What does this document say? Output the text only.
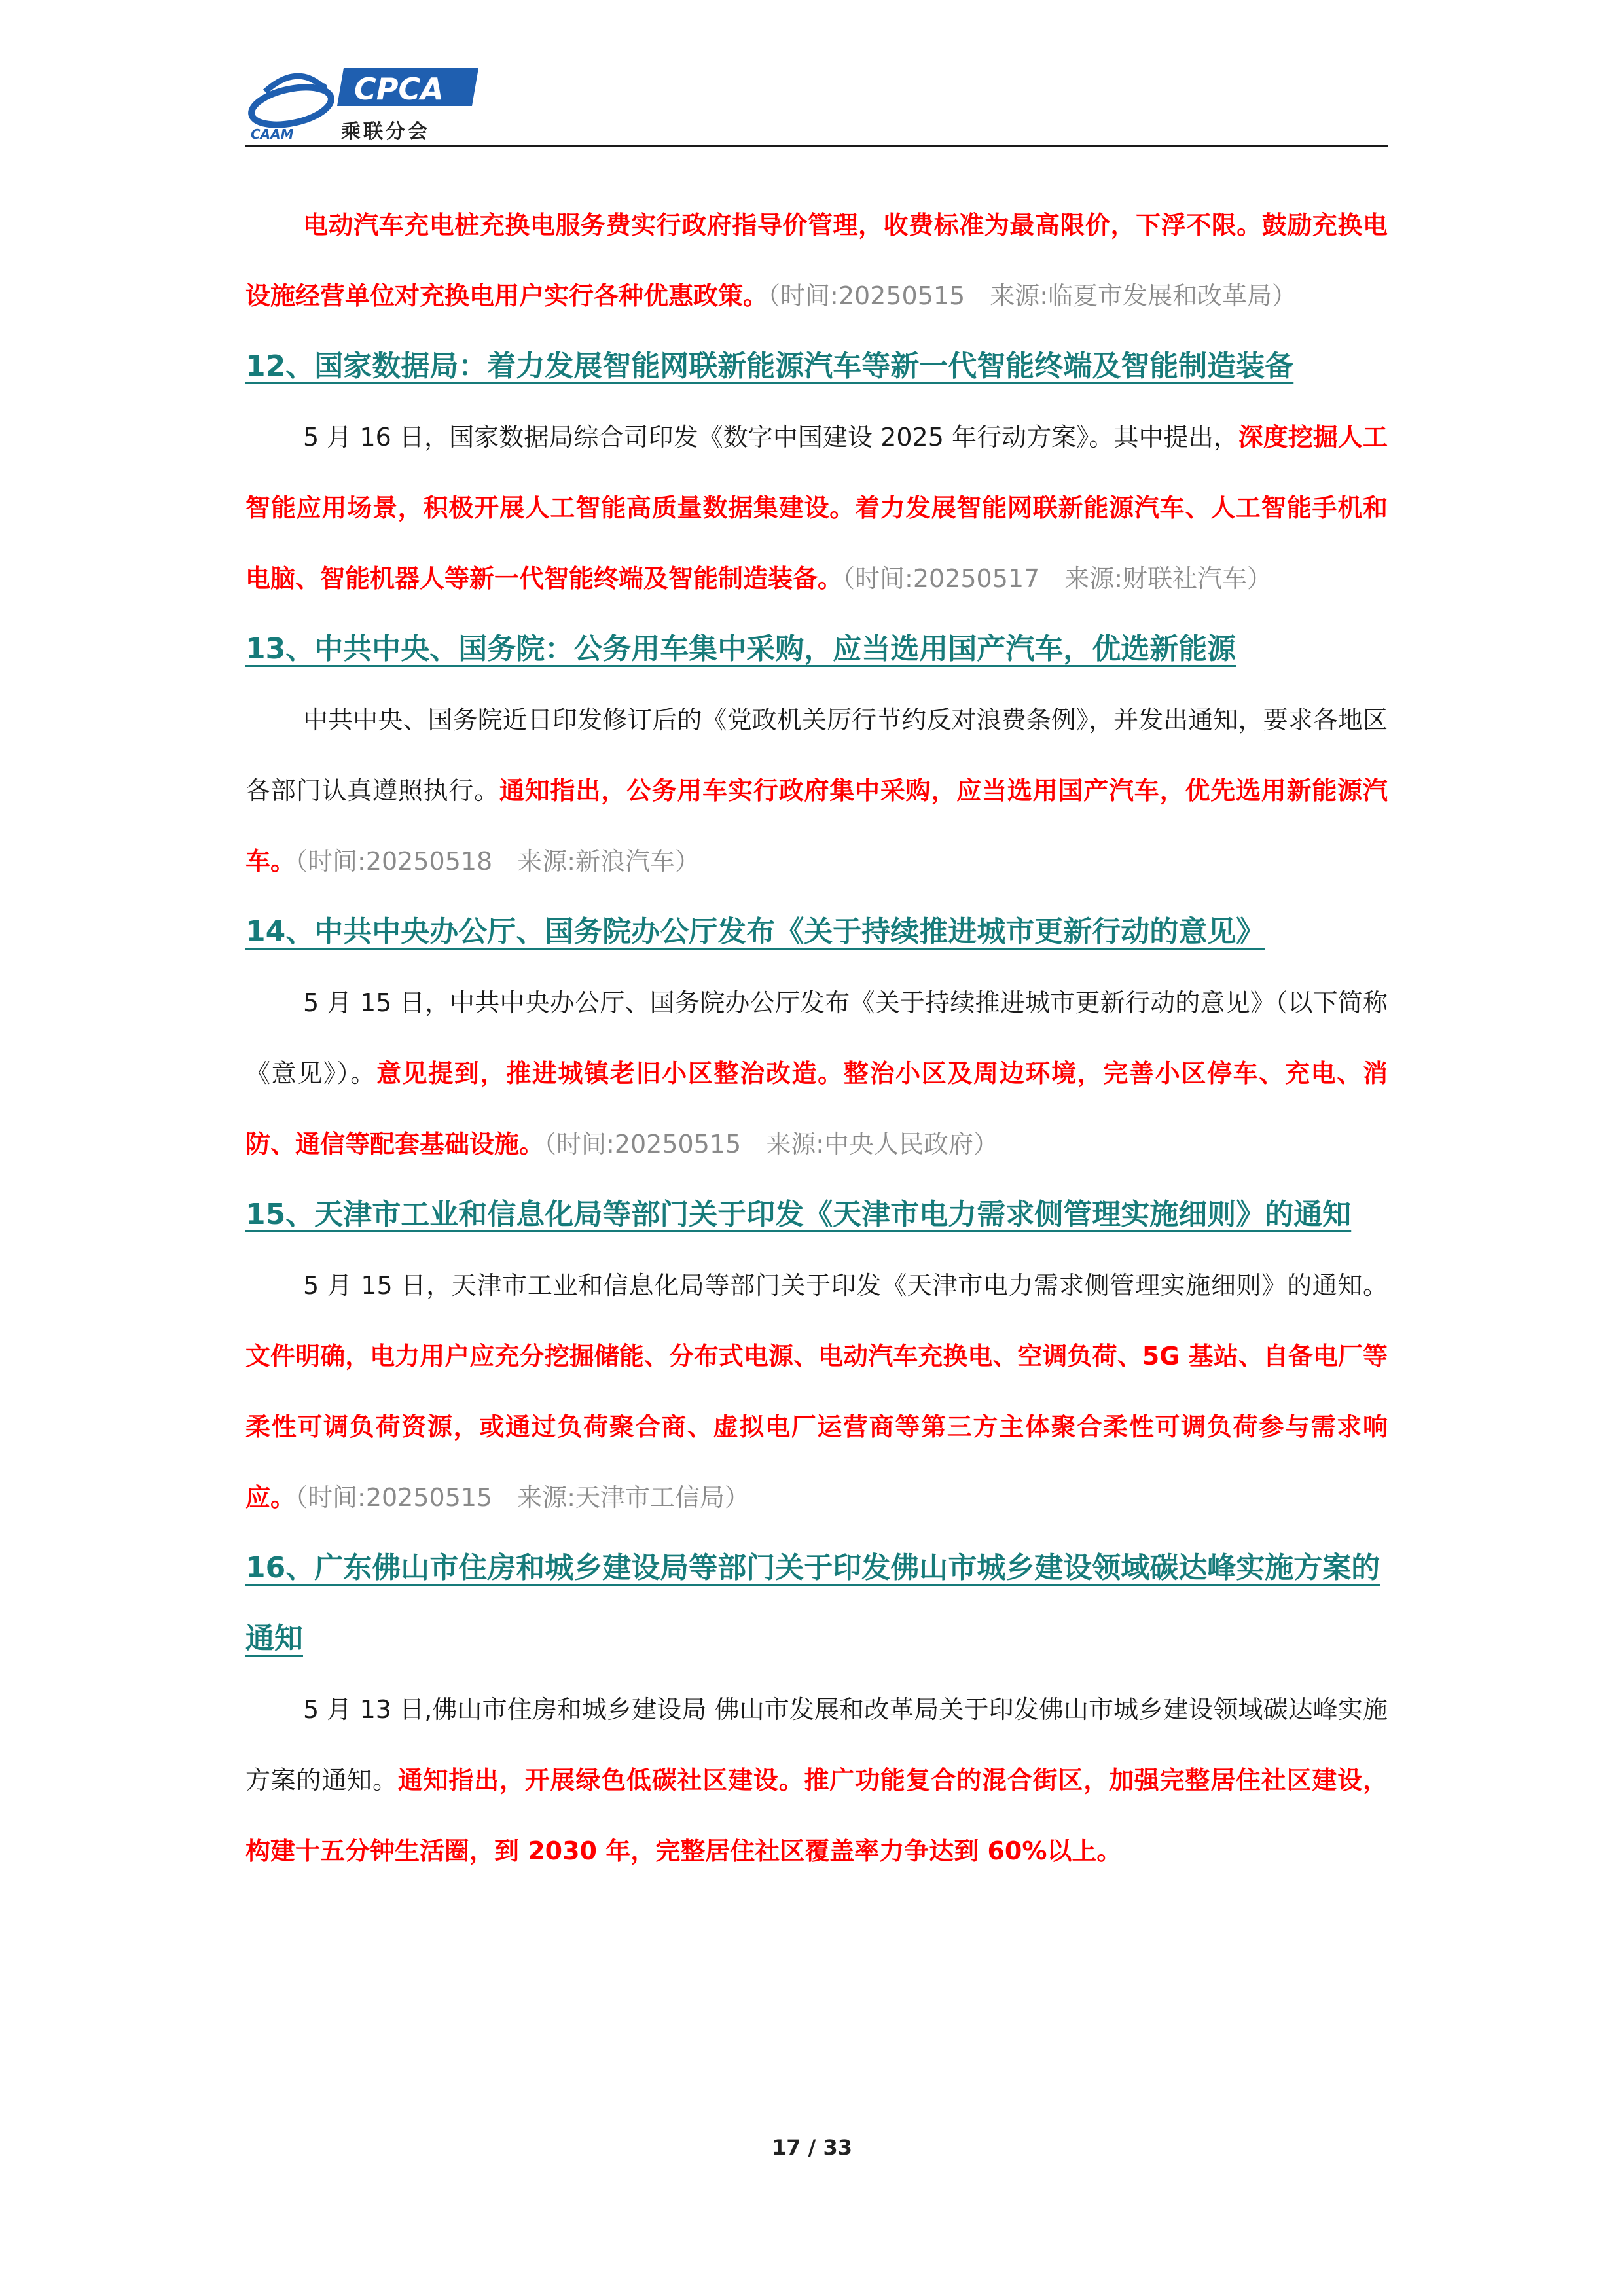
CPCA
CAAM 乘联分会

电动汽车充电桩充换电服务费实行政府指导价管理，收费标准为最高限价，下浮不限。鼓励充换电设施经营单位对充换电用户实行各种优惠政策。（时间:20250515　来源:临夏市发展和改革局）

12、国家数据局：着力发展智能网联新能源汽车等新一代智能终端及智能制造装备

5 月 16 日，国家数据局综合司印发《数字中国建设 2025 年行动方案》。其中提出，深度挖掘人工智能应用场景，积极开展人工智能高质量数据集建设。着力发展智能网联新能源汽车、人工智能手机和电脑、智能机器人等新一代智能终端及智能制造装备。（时间:20250517　来源:财联社汽车）

13、中共中央、国务院：公务用车集中采购，应当选用国产汽车，优选新能源

中共中央、国务院近日印发修订后的《党政机关厉行节约反对浪费条例》，并发出通知，要求各地区各部门认真遵照执行。通知指出，公务用车实行政府集中采购，应当选用国产汽车，优先选用新能源汽车。（时间:20250518　来源:新浪汽车）

14、中共中央办公厅、国务院办公厅发布《关于持续推进城市更新行动的意见》

5 月 15 日，中共中央办公厅、国务院办公厅发布《关于持续推进城市更新行动的意见》（以下简称《意见》）。意见提到，推进城镇老旧小区整治改造。整治小区及周边环境，完善小区停车、充电、消防、通信等配套基础设施。（时间:20250515　来源:中央人民政府）

15、天津市工业和信息化局等部门关于印发《天津市电力需求侧管理实施细则》的通知

5 月 15 日，天津市工业和信息化局等部门关于印发《天津市电力需求侧管理实施细则》的通知。文件明确，电力用户应充分挖掘储能、分布式电源、电动汽车充换电、空调负荷、5G 基站、自备电厂等柔性可调负荷资源，或通过负荷聚合商、虚拟电厂运营商等第三方主体聚合柔性可调负荷参与需求响应。（时间:20250515　来源:天津市工信局）

16、广东佛山市住房和城乡建设局等部门关于印发佛山市城乡建设领域碳达峰实施方案的通知

5 月 13 日,佛山市住房和城乡建设局 佛山市发展和改革局关于印发佛山市城乡建设领域碳达峰实施方案的通知。通知指出，开展绿色低碳社区建设。推广功能复合的混合街区，加强完整居住社区建设，构建十五分钟生活圈，到 2030 年，完整居住社区覆盖率力争达到 60%以上。

17 / 33
